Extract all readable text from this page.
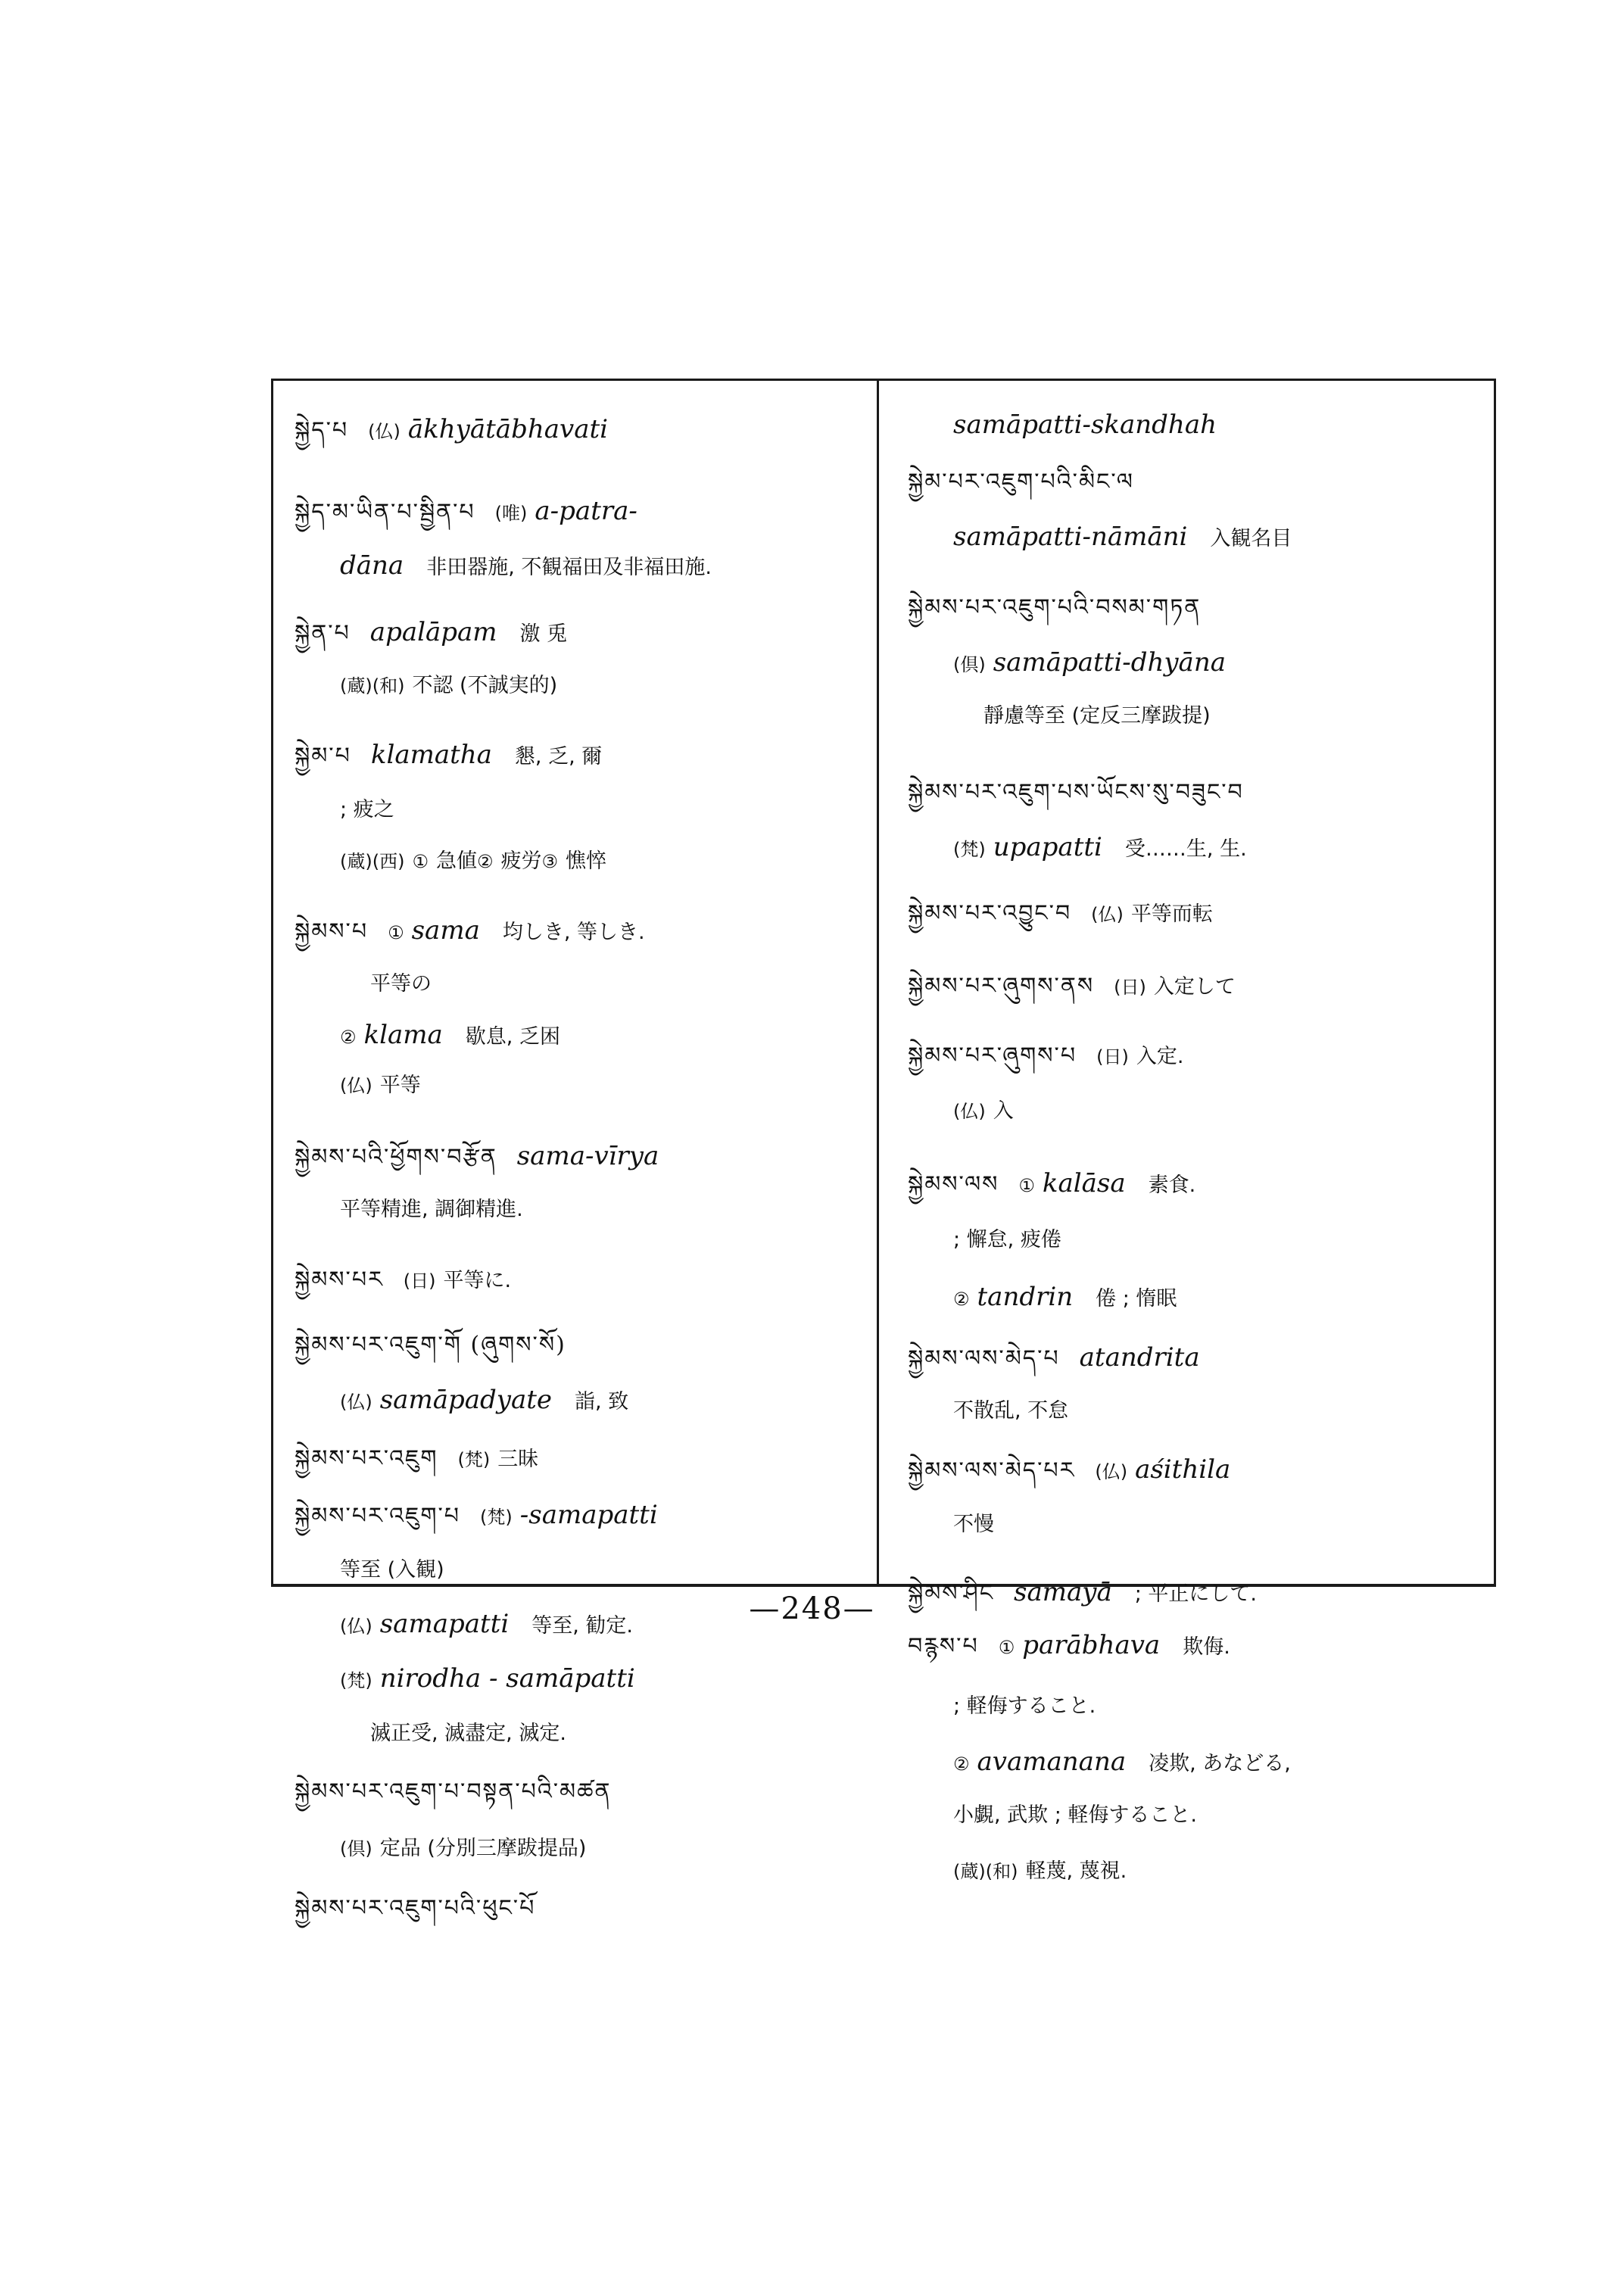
སྐྱེད་པ (仏) ākhyātābhavati
སྐྱེད་མ་ཡིན་པ་སྦྱིན་པ (唯) a-patra-
dāna 非田器施, 不観福田及非福田施.
སྐྱེན་པ apalāpam 激 兎
(蔵)(和) 不認 (不誠実的)
སྐྱེམ་པ klamatha 懇, 乏, 爾
; 疲之
(蔵)(西) ① 急値② 疲労③ 憔悴
སྐྱེམས་པ ① sama 均しき, 等しき.
平等の
② klama 歇息, 乏困
(仏) 平等
སྐྱེམས་པའི་ཕྱོགས་བརྩོན sama-vīrya
平等精進, 調御精進.
སྐྱེམས་པར (日) 平等に.
སྐྱེམས་པར་འཇུག་གོ (ཞུགས་སོ)
(仏) samāpadyate 詣, 致
སྐྱེམས་པར་འཇུག (梵) 三昧
སྐྱེམས་པར་འཇུག་པ (梵) -samapatti
等至 (入観)
(仏) samapatti 等至, 勧定.
(梵) nirodha - samāpatti
滅正受, 滅盡定, 滅定.
སྐྱེམས་པར་འཇུག་པ་བསྟན་པའི་མཚན
(倶) 定品 (分別三摩跋提品)
སྐྱེམས་པར་འཇུག་པའི་ཕུང་པོ
samāpatti-skandhah
སྐྱེམ་པར་འཇུག་པའི་མིང་ལ
samāpatti-nāmāni 入観名目
སྐྱེམས་པར་འཇུག་པའི་བསམ་གཏན
(倶) samāpatti-dhyāna
靜慮等至 (定反三摩跋提)
སྐྱེམས་པར་འཇུག་པས་ཡོངས་སུ་བཟུང་བ
(梵) upapatti 受……生, 生.
སྐྱེམས་པར་འབྱུང་བ (仏) 平等而転
སྐྱེམས་པར་ཞུགས་ནས (日) 入定して
སྐྱེམས་པར་ཞུགས་པ (日) 入定.
(仏) 入
སྐྱེམས་ལས ① kalāsa 素食.
; 懈怠, 疲倦
② tandrin 倦 ; 惰眠
སྐྱེམས་ལས་མེད་པ atandrita
不散乱, 不怠
སྐྱེམས་ལས་མེད་པར (仏) aśithila
不慢
སྐྱེམས་ཤིང samayā ; 平正にして.
བརྙས་པ ① parābhava 欺侮.
; 軽侮すること.
② avamanana 凌欺, あなどる,
小覷, 武欺 ; 軽侮すること.
(蔵)(和) 軽蔑, 蔑視.
—248—
